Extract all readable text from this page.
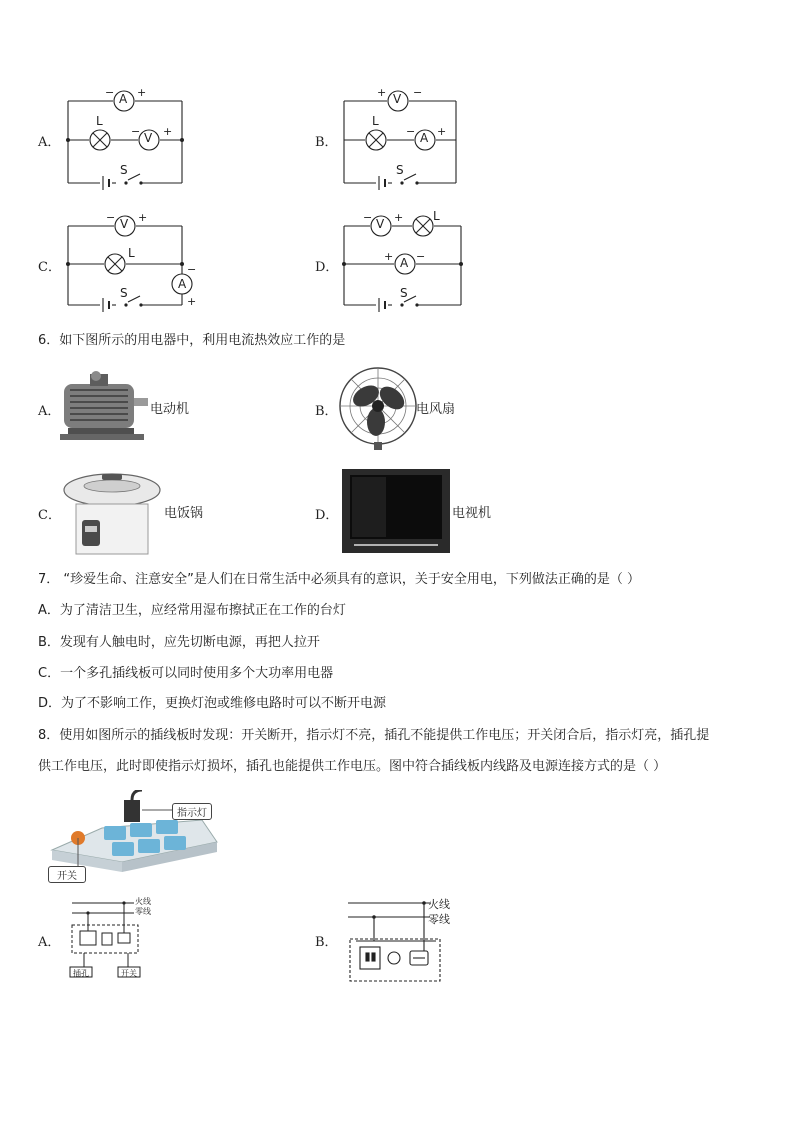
A．
A
− +
V
− +
L
S
B．
V
+ −
A
− +
L
S
C．
V
− +
A
−
+
L
S
D．
V
− +
A
+ −
L
S
6．如下图所示的用电器中，利用电流热效应工作的是
A．	电动机	B．	电风扇
C．	电饭锅	D．	电视机
7． “珍爱生命、注意安全”是人们在日常生活中必须具有的意识，关于安全用电，下列做法正确的是（ ）
A．为了清洁卫生，应经常用湿布擦拭正在工作的台灯
B．发现有人触电时，应先切断电源，再把人拉开
C．一个多孔插线板可以同时使用多个大功率用电器
D．为了不影响工作，更换灯泡或维修电路时可以不断开电源
8．使用如图所示的插线板时发现：开关断开，指示灯不亮，插孔不能提供工作电压；开关闭合后，指示灯亮，插孔提
供工作电压，此时即使指示灯损坏，插孔也能提供工作电压。图中符合插线板内线路及电源连接方式的是（ ）
指示灯
开关
A．
火线
零线
插孔	开关
B．
火线
零线
